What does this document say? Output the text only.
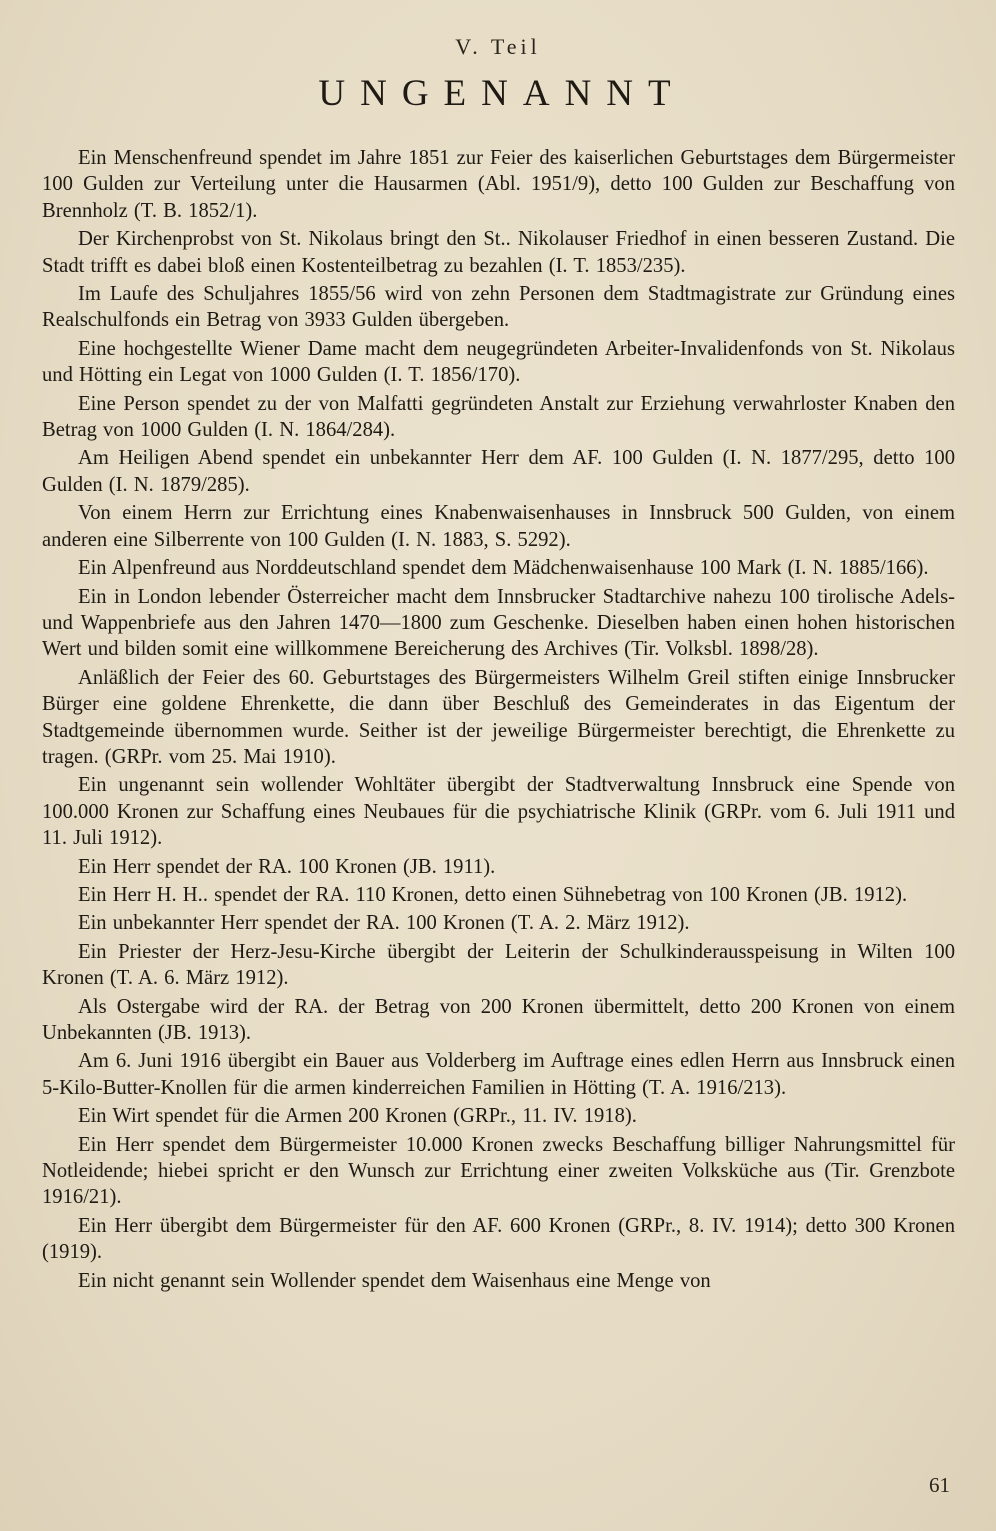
V. Teil
UNGENANNT

Ein Menschenfreund spendet im Jahre 1851 zur Feier des kaiserlichen Geburtstages dem Bürgermeister 100 Gulden zur Verteilung unter die Hausarmen (Abl. 1951/9), detto 100 Gulden zur Beschaffung von Brennholz (T. B. 1852/1).

Der Kirchenprobst von St. Nikolaus bringt den St.. Nikolauser Friedhof in einen besseren Zustand. Die Stadt trifft es dabei bloß einen Kostenteilbetrag zu bezahlen (I. T. 1853/235).

Im Laufe des Schuljahres 1855/56 wird von zehn Personen dem Stadtmagistrate zur Gründung eines Realschulfonds ein Betrag von 3933 Gulden übergeben.

Eine hochgestellte Wiener Dame macht dem neugegründeten Arbeiter-Invalidenfonds von St. Nikolaus und Hötting ein Legat von 1000 Gulden (I. T. 1856/170).

Eine Person spendet zu der von Malfatti gegründeten Anstalt zur Erziehung verwahrloster Knaben den Betrag von 1000 Gulden (I. N. 1864/284).

Am Heiligen Abend spendet ein unbekannter Herr dem AF. 100 Gulden (I. N. 1877/295, detto 100 Gulden (I. N. 1879/285).

Von einem Herrn zur Errichtung eines Knabenwaisenhauses in Innsbruck 500 Gulden, von einem anderen eine Silberrente von 100 Gulden (I. N. 1883, S. 5292).

Ein Alpenfreund aus Norddeutschland spendet dem Mädchenwaisenhause 100 Mark (I. N. 1885/166).

Ein in London lebender Österreicher macht dem Innsbrucker Stadtarchive nahezu 100 tirolische Adels- und Wappenbriefe aus den Jahren 1470—1800 zum Geschenke. Dieselben haben einen hohen historischen Wert und bilden somit eine willkommene Bereicherung des Archives (Tir. Volksbl. 1898/28).

Anläßlich der Feier des 60. Geburtstages des Bürgermeisters Wilhelm Greil stiften einige Innsbrucker Bürger eine goldene Ehrenkette, die dann über Beschluß des Gemeinderates in das Eigentum der Stadtgemeinde übernommen wurde. Seither ist der jeweilige Bürgermeister berechtigt, die Ehrenkette zu tragen. (GRPr. vom 25. Mai 1910).

Ein ungenannt sein wollender Wohltäter übergibt der Stadtverwaltung Innsbruck eine Spende von 100.000 Kronen zur Schaffung eines Neubaues für die psychiatrische Klinik (GRPr. vom 6. Juli 1911 und 11. Juli 1912).

Ein Herr spendet der RA. 100 Kronen (JB. 1911).

Ein Herr H. H.. spendet der RA. 110 Kronen, detto einen Sühnebetrag von 100 Kronen (JB. 1912).

Ein unbekannter Herr spendet der RA. 100 Kronen (T. A. 2. März 1912).

Ein Priester der Herz-Jesu-Kirche übergibt der Leiterin der Schulkinderausspeisung in Wilten 100 Kronen (T. A. 6. März 1912).

Als Ostergabe wird der RA. der Betrag von 200 Kronen übermittelt, detto 200 Kronen von einem Unbekannten (JB. 1913).

Am 6. Juni 1916 übergibt ein Bauer aus Volderberg im Auftrage eines edlen Herrn aus Innsbruck einen 5-Kilo-Butter-Knollen für die armen kinderreichen Familien in Hötting (T. A. 1916/213).

Ein Wirt spendet für die Armen 200 Kronen (GRPr., 11. IV. 1918).

Ein Herr spendet dem Bürgermeister 10.000 Kronen zwecks Beschaffung billiger Nahrungsmittel für Notleidende; hiebei spricht er den Wunsch zur Errichtung einer zweiten Volksküche aus (Tir. Grenzbote 1916/21).

Ein Herr übergibt dem Bürgermeister für den AF. 600 Kronen (GRPr., 8. IV. 1914); detto 300 Kronen (1919).

Ein nicht genannt sein Wollender spendet dem Waisenhaus eine Menge von

61
